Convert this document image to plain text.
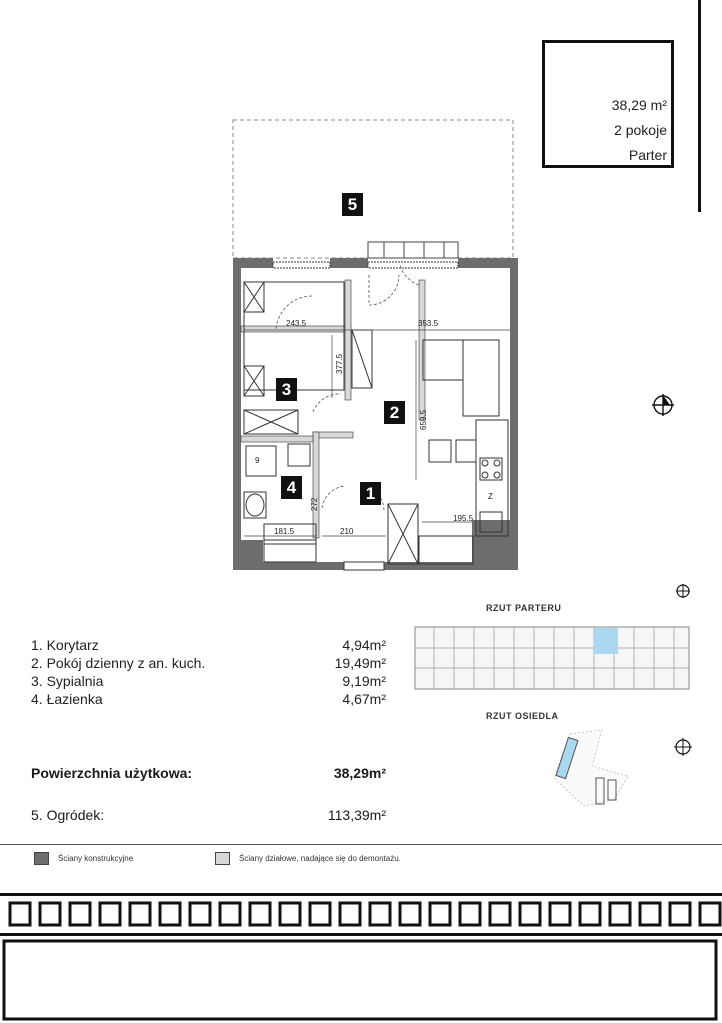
38,29 m²
2 pokoje
Parter
5
2
3
4	1
243.5	353.5
377.5
659.5
181.5	210
195.5
272
9
Z
RZUT PARTERU
RZUT OSIEDLA
1. Korytarz	4,94m²
2. Pokój dzienny z an. kuch.	19,49m²
3. Sypialnia	9,19m²
4. Łazienka	4,67m²
Powierzchnia użytkowa:	38,29m²
5. Ogródek:	113,39m²
Ściany konstrukcyjne	Ściany działowe, nadające się do demontażu.
